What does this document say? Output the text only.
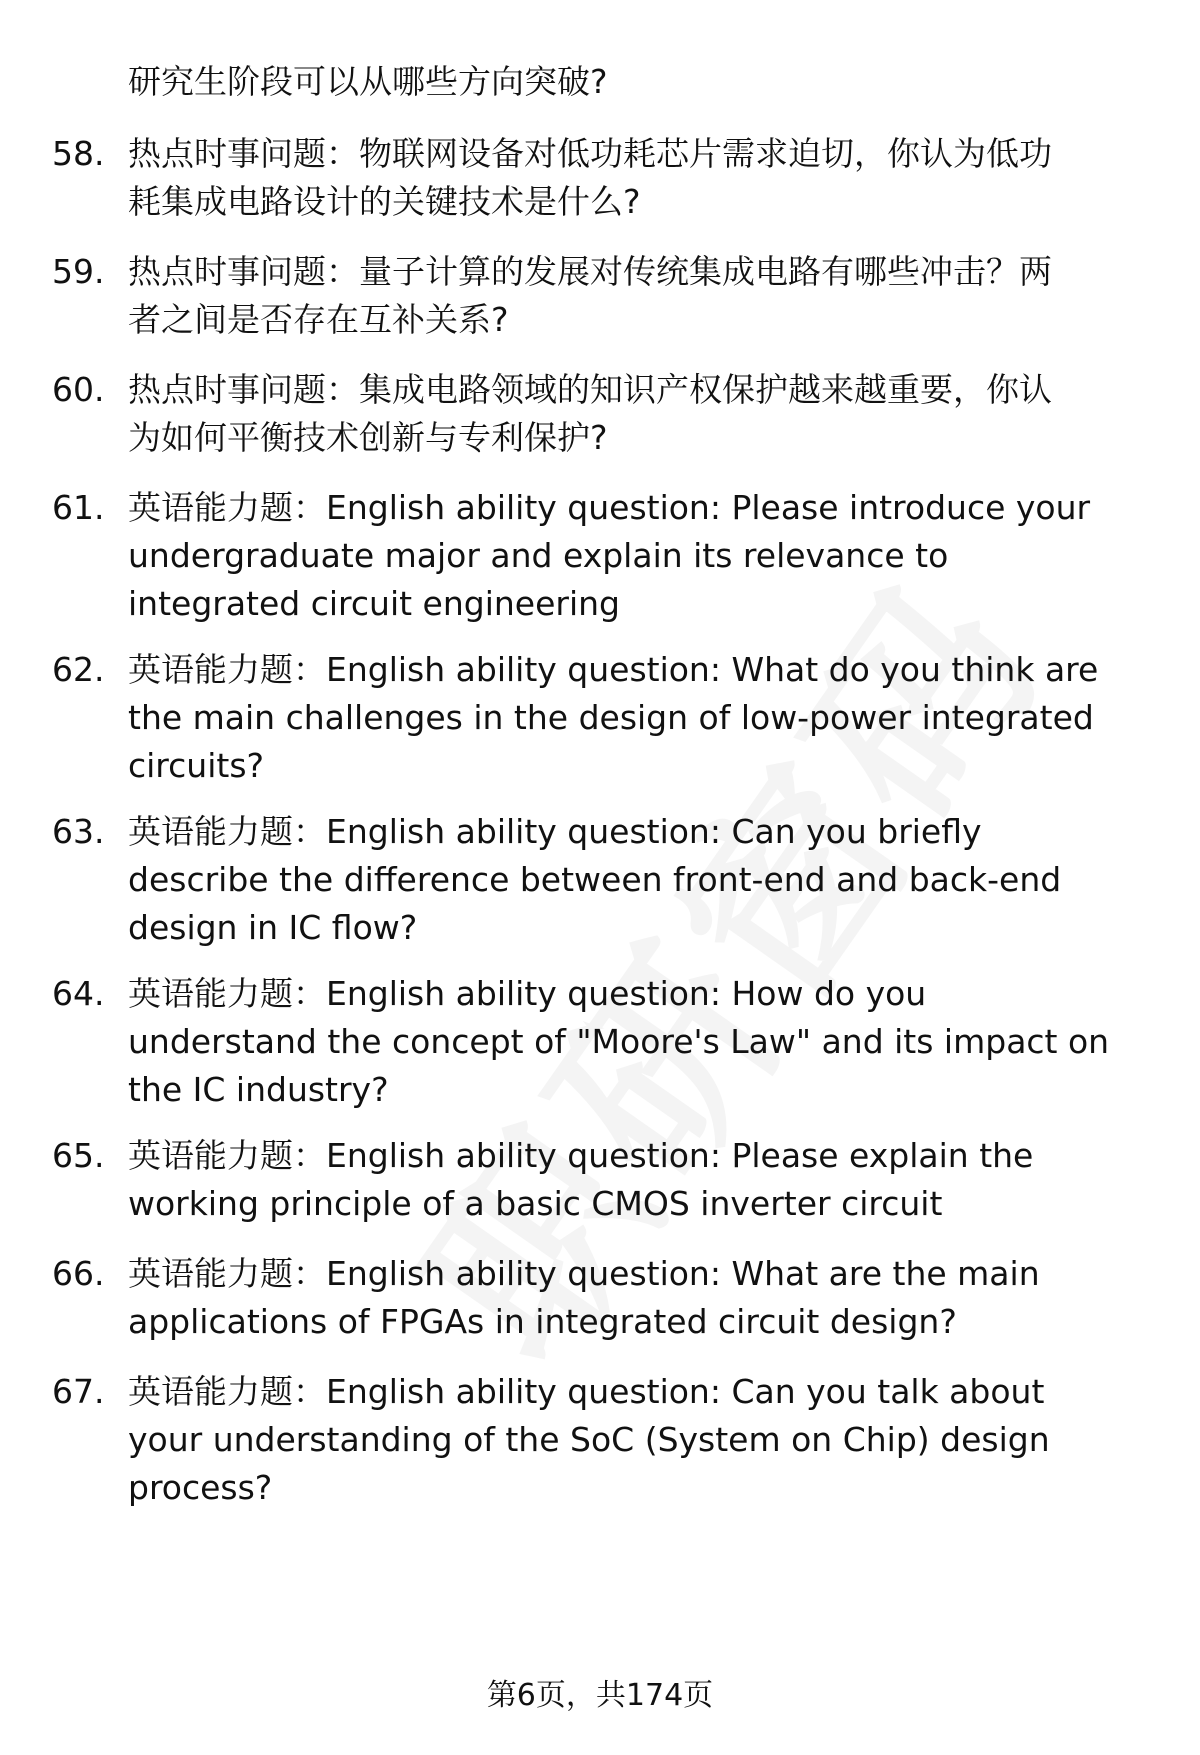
研究生阶段可以从哪些方向突破?
58. 热点时事问题：物联网设备对低功耗芯片需求迫切，你认为低功
耗集成电路设计的关键技术是什么?
59. 热点时事问题：量子计算的发展对传统集成电路有哪些冲击？两
者之间是否存在互补关系?
60. 热点时事问题：集成电路领域的知识产权保护越来越重要，你认
为如何平衡技术创新与专利保护?
61. 英语能力题：English ability question: Please introduce your
undergraduate major and explain its relevance to
integrated circuit engineering
62. 英语能力题：English ability question: What do you think are
the main challenges in the design of low-power integrated
circuits?
63. 英语能力题：English ability question: Can you briefly
describe the difference between front-end and back-end
design in IC flow?
64. 英语能力题：English ability question: How do you
understand the concept of "Moore's Law" and its impact on
the IC industry?
65. 英语能力题：English ability question: Please explain the
working principle of a basic CMOS inverter circuit
66. 英语能力题：English ability question: What are the main
applications of FPGAs in integrated circuit design?
67. 英语能力题：English ability question: Can you talk about
your understanding of the SoC (System on Chip) design
process?
第6页，共174页
